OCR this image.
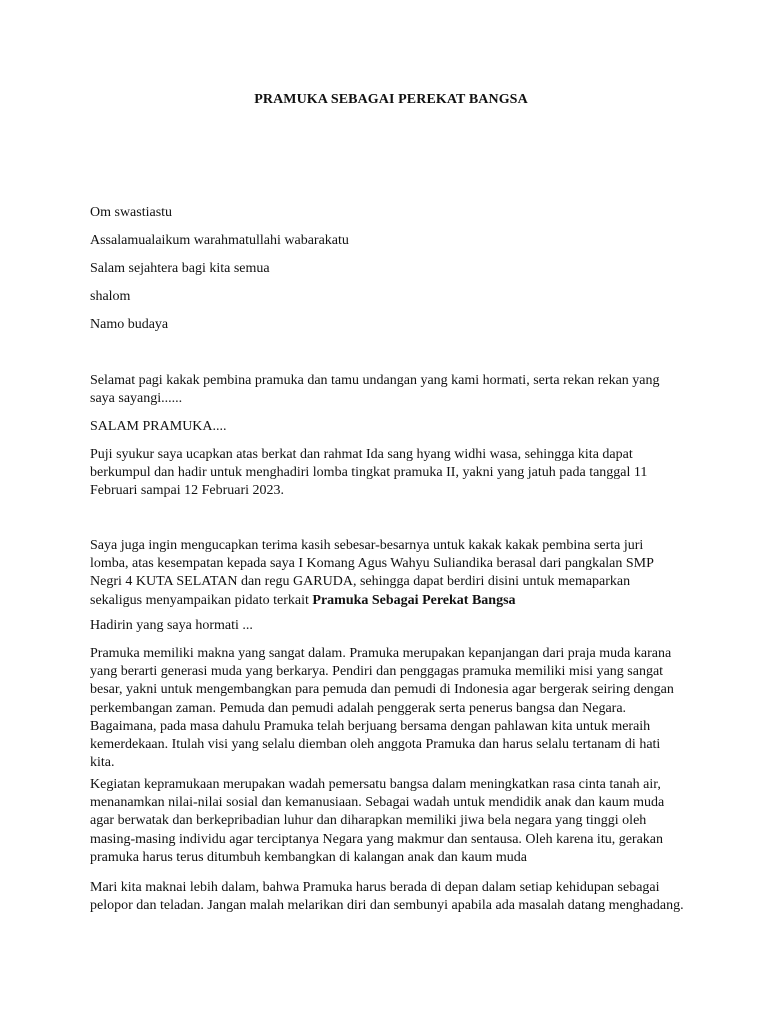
PRAMUKA SEBAGAI PEREKAT BANGSA
Om swastiastu
Assalamualaikum warahmatullahi wabarakatu
Salam sejahtera bagi kita semua
shalom
Namo budaya
Selamat pagi kakak pembina pramuka dan tamu undangan yang kami hormati, serta rekan rekan yang
saya sayangi......
SALAM PRAMUKA....
Puji syukur saya ucapkan atas berkat dan rahmat Ida sang hyang widhi wasa, sehingga kita dapat
berkumpul dan hadir untuk menghadiri lomba tingkat pramuka II, yakni yang jatuh pada tanggal 11
Februari sampai 12 Februari 2023.
Saya juga ingin mengucapkan terima kasih sebesar-besarnya untuk kakak kakak pembina serta juri
lomba, atas kesempatan kepada saya I Komang Agus Wahyu Suliandika berasal dari pangkalan SMP
Negri 4 KUTA SELATAN dan regu GARUDA, sehingga dapat berdiri disini untuk memaparkan
sekaligus menyampaikan pidato terkait Pramuka Sebagai Perekat Bangsa
Hadirin yang saya hormati ...
Pramuka memiliki makna yang sangat dalam. Pramuka merupakan kepanjangan dari praja muda karana
yang berarti generasi muda yang berkarya. Pendiri dan penggagas pramuka memiliki misi yang sangat
besar, yakni untuk mengembangkan para pemuda dan pemudi di Indonesia agar bergerak seiring dengan
perkembangan zaman. Pemuda dan pemudi adalah penggerak serta penerus bangsa dan Negara.
Bagaimana, pada masa dahulu Pramuka telah berjuang bersama dengan pahlawan kita untuk meraih
kemerdekaan. Itulah visi yang selalu diemban oleh anggota Pramuka dan harus selalu tertanam di hati
kita.
Kegiatan kepramukaan merupakan wadah pemersatu bangsa dalam meningkatkan rasa cinta tanah air,
menanamkan nilai-nilai sosial dan kemanusiaan. Sebagai wadah untuk mendidik anak dan kaum muda
agar berwatak dan berkepribadian luhur dan diharapkan memiliki jiwa bela negara yang tinggi oleh
masing-masing individu agar terciptanya Negara yang makmur dan sentausa. Oleh karena itu, gerakan
pramuka harus terus ditumbuh kembangkan di kalangan anak dan kaum muda
Mari kita maknai lebih dalam, bahwa Pramuka harus berada di depan dalam setiap kehidupan sebagai
pelopor dan teladan. Jangan malah melarikan diri dan sembunyi apabila ada masalah datang menghadang.
